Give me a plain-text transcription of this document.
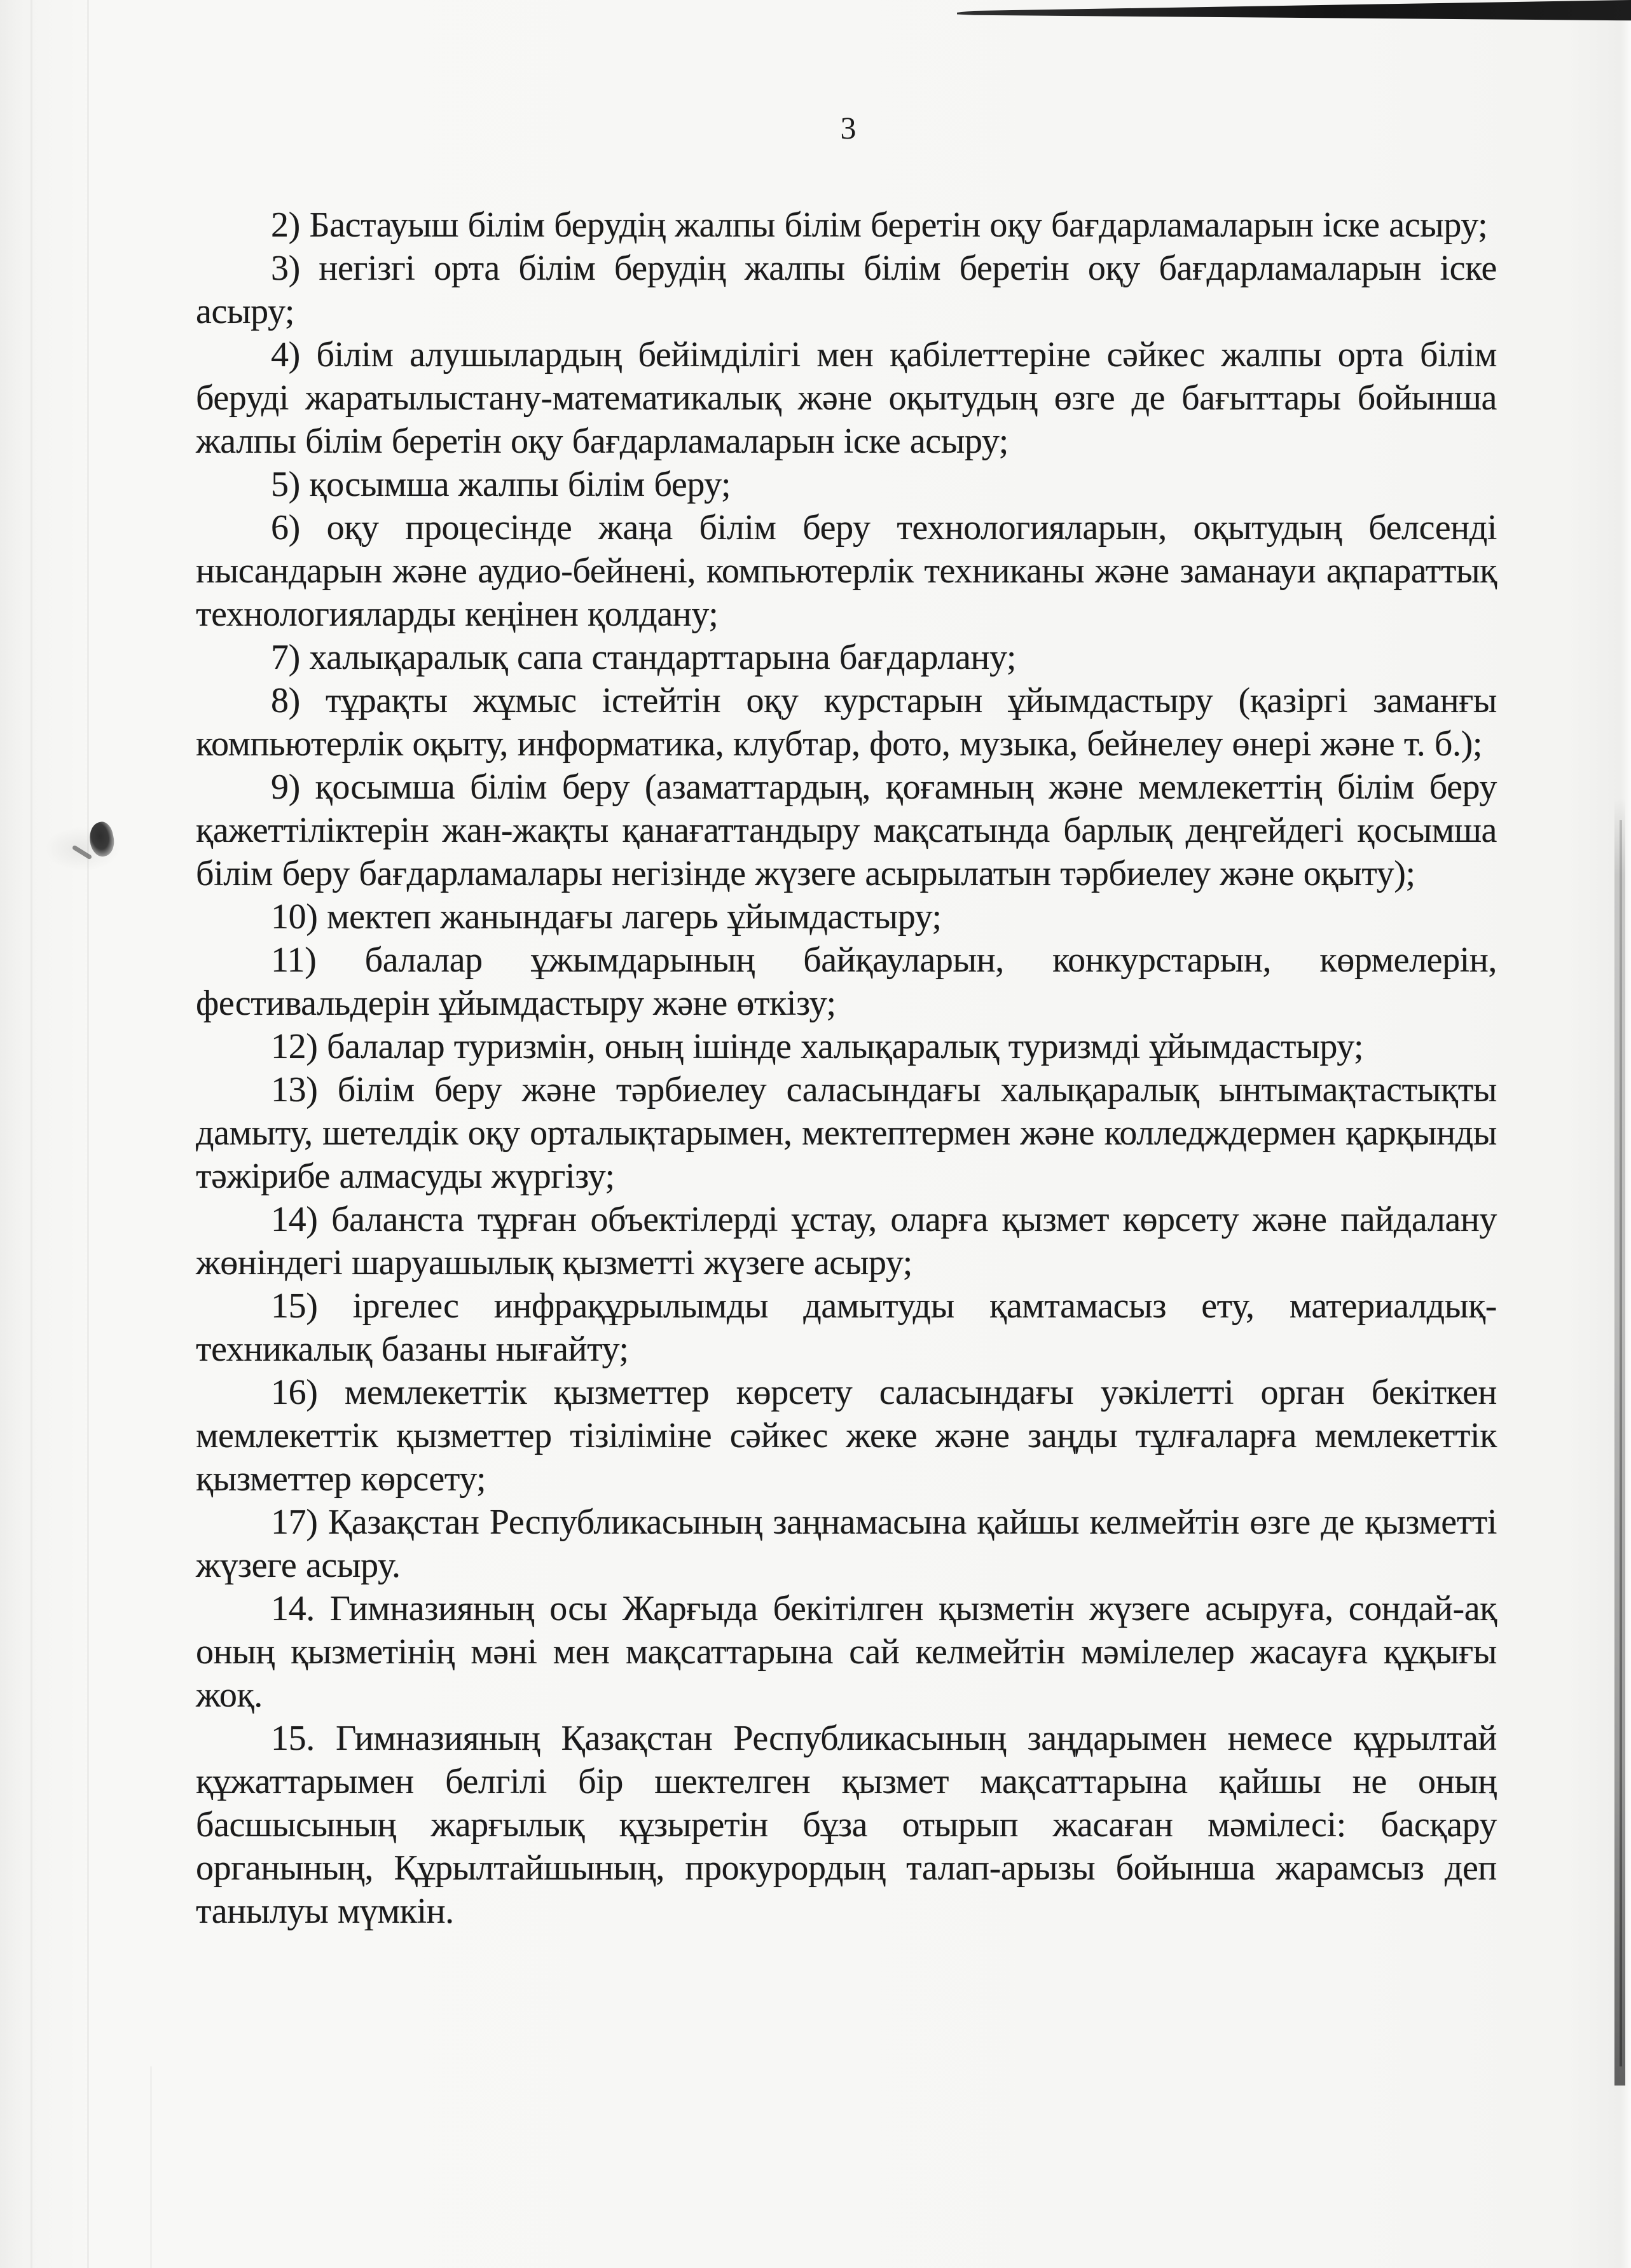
3

2) Бастауыш білім берудің жалпы білім беретін оқу бағдарламаларын іске асыру;

3) негізгі орта білім берудің жалпы білім беретін оқу бағдарламаларын іске асыру;

4) білім алушылардың бейімділігі мен қабілеттеріне сәйкес жалпы орта білім беруді жаратылыстану-математикалық және оқытудың өзге де бағыттары бойынша жалпы білім беретін оқу бағдарламаларын іске асыру;

5) қосымша жалпы білім беру;

6) оқу процесінде жаңа білім беру технологияларын, оқытудың белсенді нысандарын және аудио-бейнені, компьютерлік техниканы және заманауи ақпараттық технологияларды кеңінен қолдану;

7) халықаралық сапа стандарттарына бағдарлану;

8) тұрақты жұмыс істейтін оқу курстарын ұйымдастыру (қазіргі заманғы компьютерлік оқыту, информатика, клубтар, фото, музыка, бейнелеу өнері және т. б.);

9) қосымша білім беру (азаматтардың, қоғамның және мемлекеттің білім беру қажеттіліктерін жан-жақты қанағаттандыру мақсатында барлық деңгейдегі қосымша білім беру бағдарламалары негізінде жүзеге асырылатын тәрбиелеу және оқыту);

10) мектеп жанындағы лагерь ұйымдастыру;

11) балалар ұжымдарының байқауларын, конкурстарын, көрмелерін, фестивальдерін ұйымдастыру және өткізу;

12) балалар туризмін, оның ішінде халықаралық туризмді ұйымдастыру;

13) білім беру және тәрбиелеу саласындағы халықаралық ынтымақтастықты дамыту, шетелдік оқу орталықтарымен, мектептермен және колледждермен қарқынды тәжірибе алмасуды жүргізу;

14) баланста тұрған объектілерді ұстау, оларға қызмет көрсету және пайдалану жөніндегі шаруашылық қызметті жүзеге асыру;

15) іргелес инфрақұрылымды дамытуды қамтамасыз ету, материалдық-техникалық базаны нығайту;

16) мемлекеттік қызметтер көрсету саласындағы уәкілетті орган бекіткен мемлекеттік қызметтер тізіліміне сәйкес жеке және заңды тұлғаларға мемлекеттік қызметтер көрсету;

17) Қазақстан Республикасының заңнамасына қайшы келмейтін өзге де қызметті жүзеге асыру.

14. Гимназияның осы Жарғыда бекітілген қызметін жүзеге асыруға, сондай-ақ оның қызметінің мәні мен мақсаттарына сай келмейтін мәмілелер жасауға құқығы жоқ.

15. Гимназияның Қазақстан Республикасының заңдарымен немесе құрылтай құжаттарымен белгілі бір шектелген қызмет мақсаттарына қайшы не оның басшысының жарғылық құзыретін бұза отырып жасаған мәмілесі: басқару органының, Құрылтайшының, прокурордың талап-арызы бойынша жарамсыз деп танылуы мүмкін.
